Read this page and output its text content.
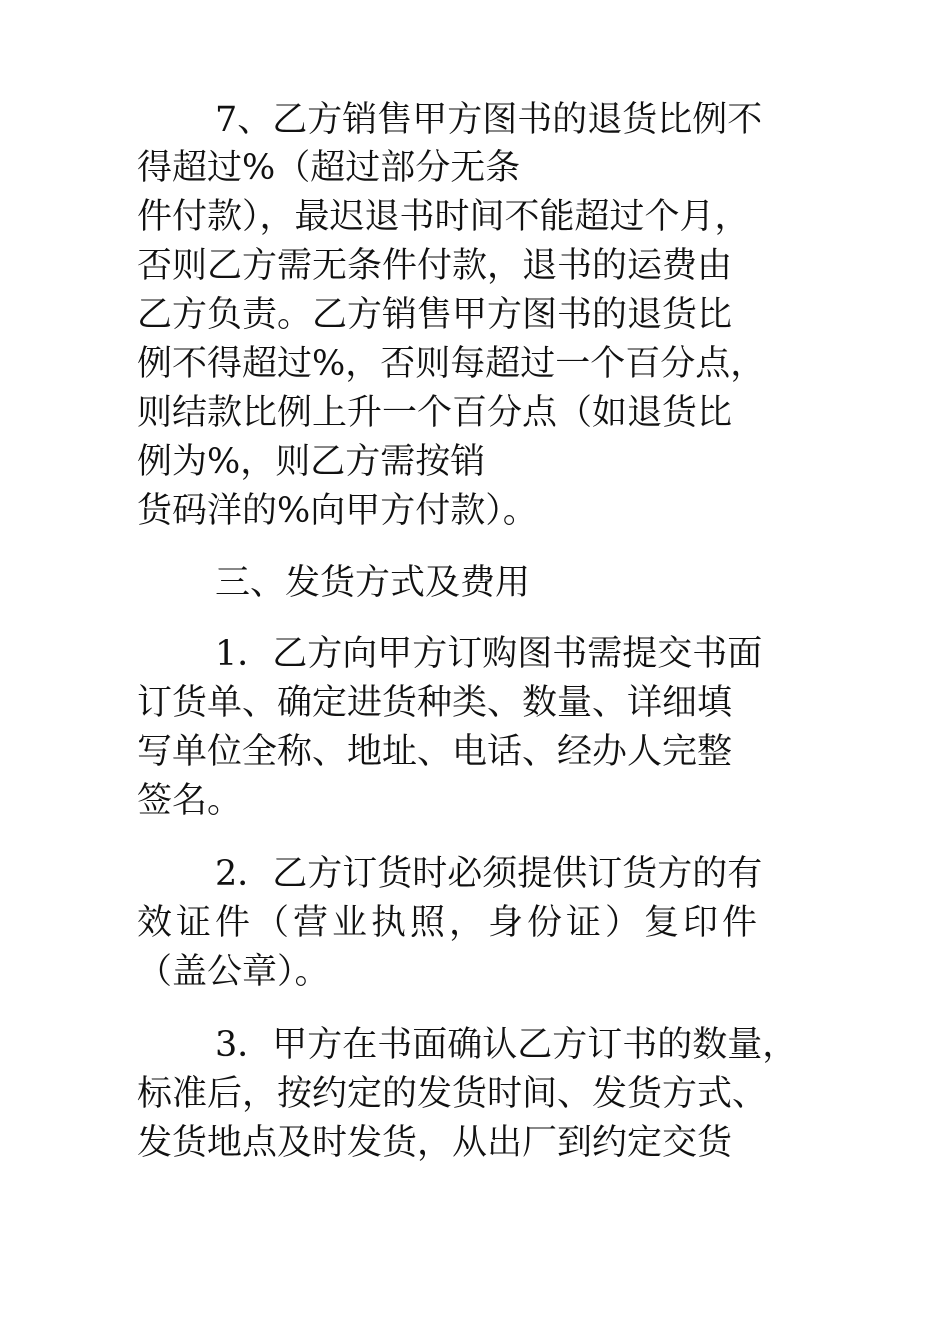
7、乙方销售甲方图书的退货比例不
得超过%（超过部分无条
件付款），最迟退书时间不能超过个月，
否则乙方需无条件付款，退书的运费由
乙方负责。乙方销售甲方图书的退货比
例不得超过%，否则每超过一个百分点，
则结款比例上升一个百分点（如退货比
例为%，则乙方需按销
货码洋的%向甲方付款）。
三、发货方式及费用
1．乙方向甲方订购图书需提交书面
订货单、确定进货种类、数量、详细填
写单位全称、地址、电话、经办人完整
签名。
2．乙方订货时必须提供订货方的有
效证件（营业执照，身份证）复印件
（盖公章）。
3．甲方在书面确认乙方订书的数量，
标准后，按约定的发货时间、发货方式、
发货地点及时发货，从出厂到约定交货
